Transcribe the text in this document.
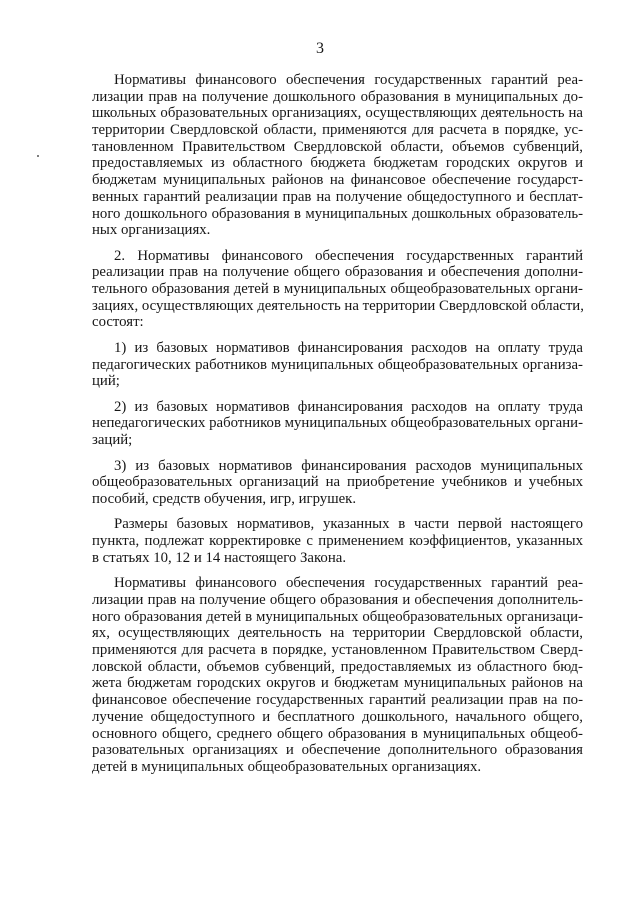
3
Нормативы финансового обеспечения государственных гарантий реа-
лизации прав на получение дошкольного образования в муниципальных до-
школьных образовательных организациях, осуществляющих деятельность на
территории Свердловской области, применяются для расчета в порядке, ус-
тановленном Правительством Свердловской области, объемов субвенций,
предоставляемых из областного бюджета бюджетам городских округов и
бюджетам муниципальных районов на финансовое обеспечение государст-
венных гарантий реализации прав на получение общедоступного и бесплат-
ного дошкольного образования в муниципальных дошкольных образователь-
ных организациях.
2. Нормативы финансового обеспечения государственных гарантий
реализации прав на получение общего образования и обеспечения дополни-
тельного образования детей в муниципальных общеобразовательных органи-
зациях, осуществляющих деятельность на территории Свердловской области,
состоят:
1) из базовых нормативов финансирования расходов на оплату труда
педагогических работников муниципальных общеобразовательных организа-
ций;
2) из базовых нормативов финансирования расходов на оплату труда
непедагогических работников муниципальных общеобразовательных органи-
заций;
3) из базовых нормативов финансирования расходов муниципальных
общеобразовательных организаций на приобретение учебников и учебных
пособий, средств обучения, игр, игрушек.
Размеры базовых нормативов, указанных в части первой настоящего
пункта, подлежат корректировке с применением коэффициентов, указанных
в статьях 10, 12 и 14 настоящего Закона.
Нормативы финансового обеспечения государственных гарантий реа-
лизации прав на получение общего образования и обеспечения дополнитель-
ного образования детей в муниципальных общеобразовательных организаци-
ях, осуществляющих деятельность на территории Свердловской области,
применяются для расчета в порядке, установленном Правительством Сверд-
ловской области, объемов субвенций, предоставляемых из областного бюд-
жета бюджетам городских округов и бюджетам муниципальных районов на
финансовое обеспечение государственных гарантий реализации прав на по-
лучение общедоступного и бесплатного дошкольного, начального общего,
основного общего, среднего общего образования в муниципальных общеоб-
разовательных организациях и обеспечение дополнительного образования
детей в муниципальных общеобразовательных организациях.
